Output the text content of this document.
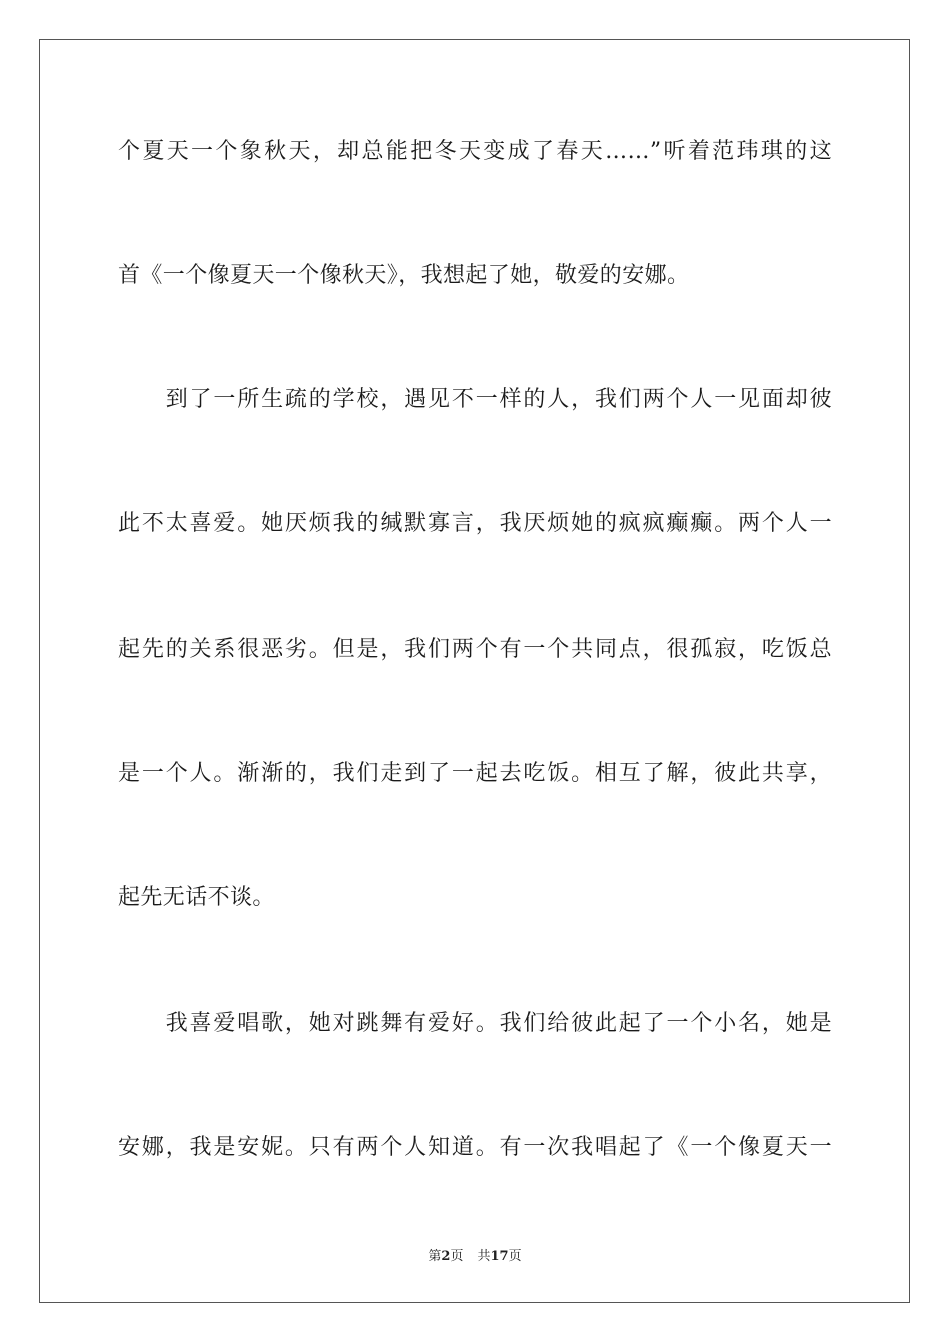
个夏天一个象秋天，却总能把冬天变成了春天……”听着范玮琪的这
首《一个像夏天一个像秋天》，我想起了她，敬爱的安娜。
　　到了一所生疏的学校，遇见不一样的人，我们两个人一见面却彼
此不太喜爱。她厌烦我的缄默寡言，我厌烦她的疯疯癫癫。两个人一
起先的关系很恶劣。但是，我们两个有一个共同点，很孤寂，吃饭总
是一个人。渐渐的，我们走到了一起去吃饭。相互了解，彼此共享，
起先无话不谈。
　　我喜爱唱歌，她对跳舞有爱好。我们给彼此起了一个小名，她是
安娜，我是安妮。只有两个人知道。有一次我唱起了《一个像夏天一
第2页 共17页
